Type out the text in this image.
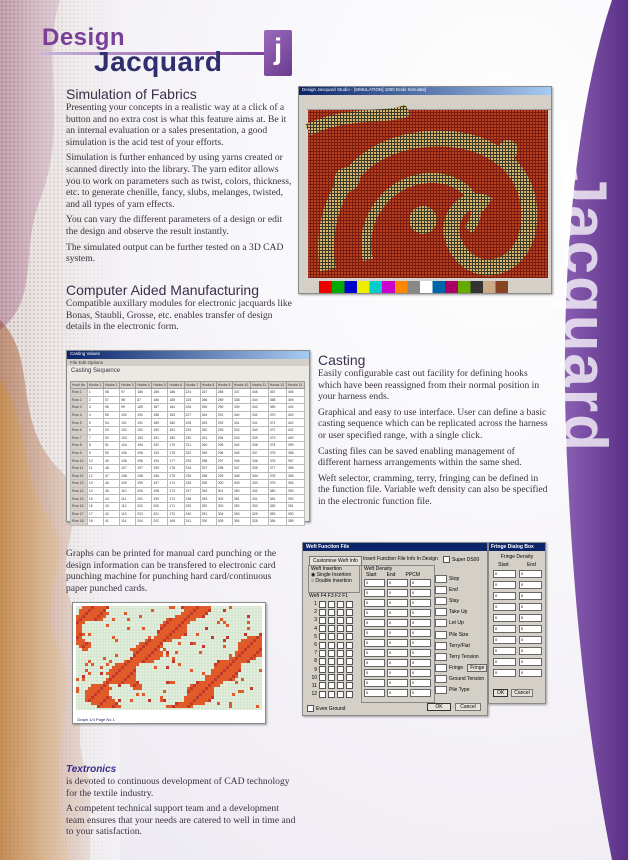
Jacquard
Design
Jacquard	j
Simulation of Fabrics

Presenting your concepts in a realistic way at a click of a button and no extra cost is what this feature aims at. Be it an internal evaluation or a sales presentation, a good simulation is the acid test of your efforts.

Simulation is further enhanced by using yarns created or scanned directly into the library. The yarn editor allows you to work on parameters such as twist, colors, thickness, etc. to generate chenille, fancy, slubs, melanges, twisted, and all types of yarn effects.

You can vary the different parameters of a design or edit the design and observe the result instantly.

The simulated output can be further tested on a 3D CAD system.

Design Jacquard Studio - [SIMULATION] 1000 Ends Simulate]
Computer Aided Manufacturing

Compatible auxillary modules for electronic jacquards like Bonas, Staubli, Grosse, etc. enables transfer of design details in the electronic form.

Casting Values
File Edit Options
Casting Sequence
Hook No	Hooks 1	Hooks 2	Hooks 3	Hooks 4	Hooks 5	Hooks 6	Hooks 7	Hooks 8	Hooks 9	Hooks 10	Hooks 11	Hooks 12	Hooks 13
Row 1	1	58	97	186	185	186	224	267	288	337	345	367	406
Row 2	2	57	98	87	186	185	225	266	289	338	344	368	405
Row 3	3	56	99	189	187	184	226	265	290	339	343	369	404
Row 4	4	55	100	190	188	183	227	264	291	340	342	370	403
Row 5	5	54	101	191	189	182	228	263	292	341	341	371	402
Row 6	6	53	102	192	190	181	229	262	293	342	340	372	401
Row 7	7	52	103	193	191	180	230	261	294	343	339	373	400
Row 8	8	51	104	194	192	179	231	260	295	344	338	374	399
Row 9	9	50	105	195	193	178	232	259	296	345	337	375	398
Row 10	10	49	106	196	194	177	233	258	297	346	336	376	397
Row 11	11	48	107	197	195	176	234	257	298	347	335	377	396
Row 12	12	47	108	198	196	175	235	256	299	348	334	378	395
Row 13	13	46	109	199	197	174	236	255	300	349	333	379	394
Row 14	14	45	110	200	198	173	237	254	301	350	332	380	393
Row 15	15	44	111	201	199	172	238	253	302	351	331	381	392
Row 16	16	43	112	202	200	171	239	252	303	352	330	382	391
Row 17	17	42	113	203	201	170	240	251	304	353	329	383	390
Row 18	18	41	114	204	202	169	241	250	305	354	328	384	389
Casting

Easily configurable cast out facility for defining hooks which have been reassigned from their normal position in your harness ends.

Graphical and easy to use interface. User can define a basic casting sequence which can be replicated across the harness or user specified range, with a single click.

Casting files can be saved enabling management of different harness arrangements within the same shed.

Weft selector, cramming, terry, fringing can be defined in the function file. Variable weft density can also be specified in the electronic function file.

Graphs can be printed for manual card punching or the design information can be transfered to electronic card punching machine for punching hard card/continuous paper punched cards.

Graph 1/4 Page No 1
Weft Function File
Customise Weft Info	Insert Function File Info In Design	Super DS00
Weft Insertion
◉ Single Insertion
○ Double Insertion
Weft F4 F3 F2 F1
1
2
3
4
5
6
7
8
9
10
11
12
Weft Density
Start End PPCM
0	0	0
0	0	0
0	0	0
0	0	0
0	0	0
0	0	0
0	0	0
0	0	0
0	0	0
0	0	0
0	0	0
0	0	0
Stop
End
Stay
Take Up
Let Up
Pile Size
Terry/Flat
Terry Tension
Fringe	Fringe
Ground Tension
Pile Type
Even Ground	OK	Cancel
Fringe Dialog Box
Fringe Density
Start	End
0	0
0	0
0	0
0	0
0	0
0	0
0	0
0	0
0	0
0	0
OK	Cancel
Textronics

is devoted to continuous development of CAD technology for the textile industry.

A competent technical support team and a development team ensures that your needs are catered to well in time and to your satisfaction.
